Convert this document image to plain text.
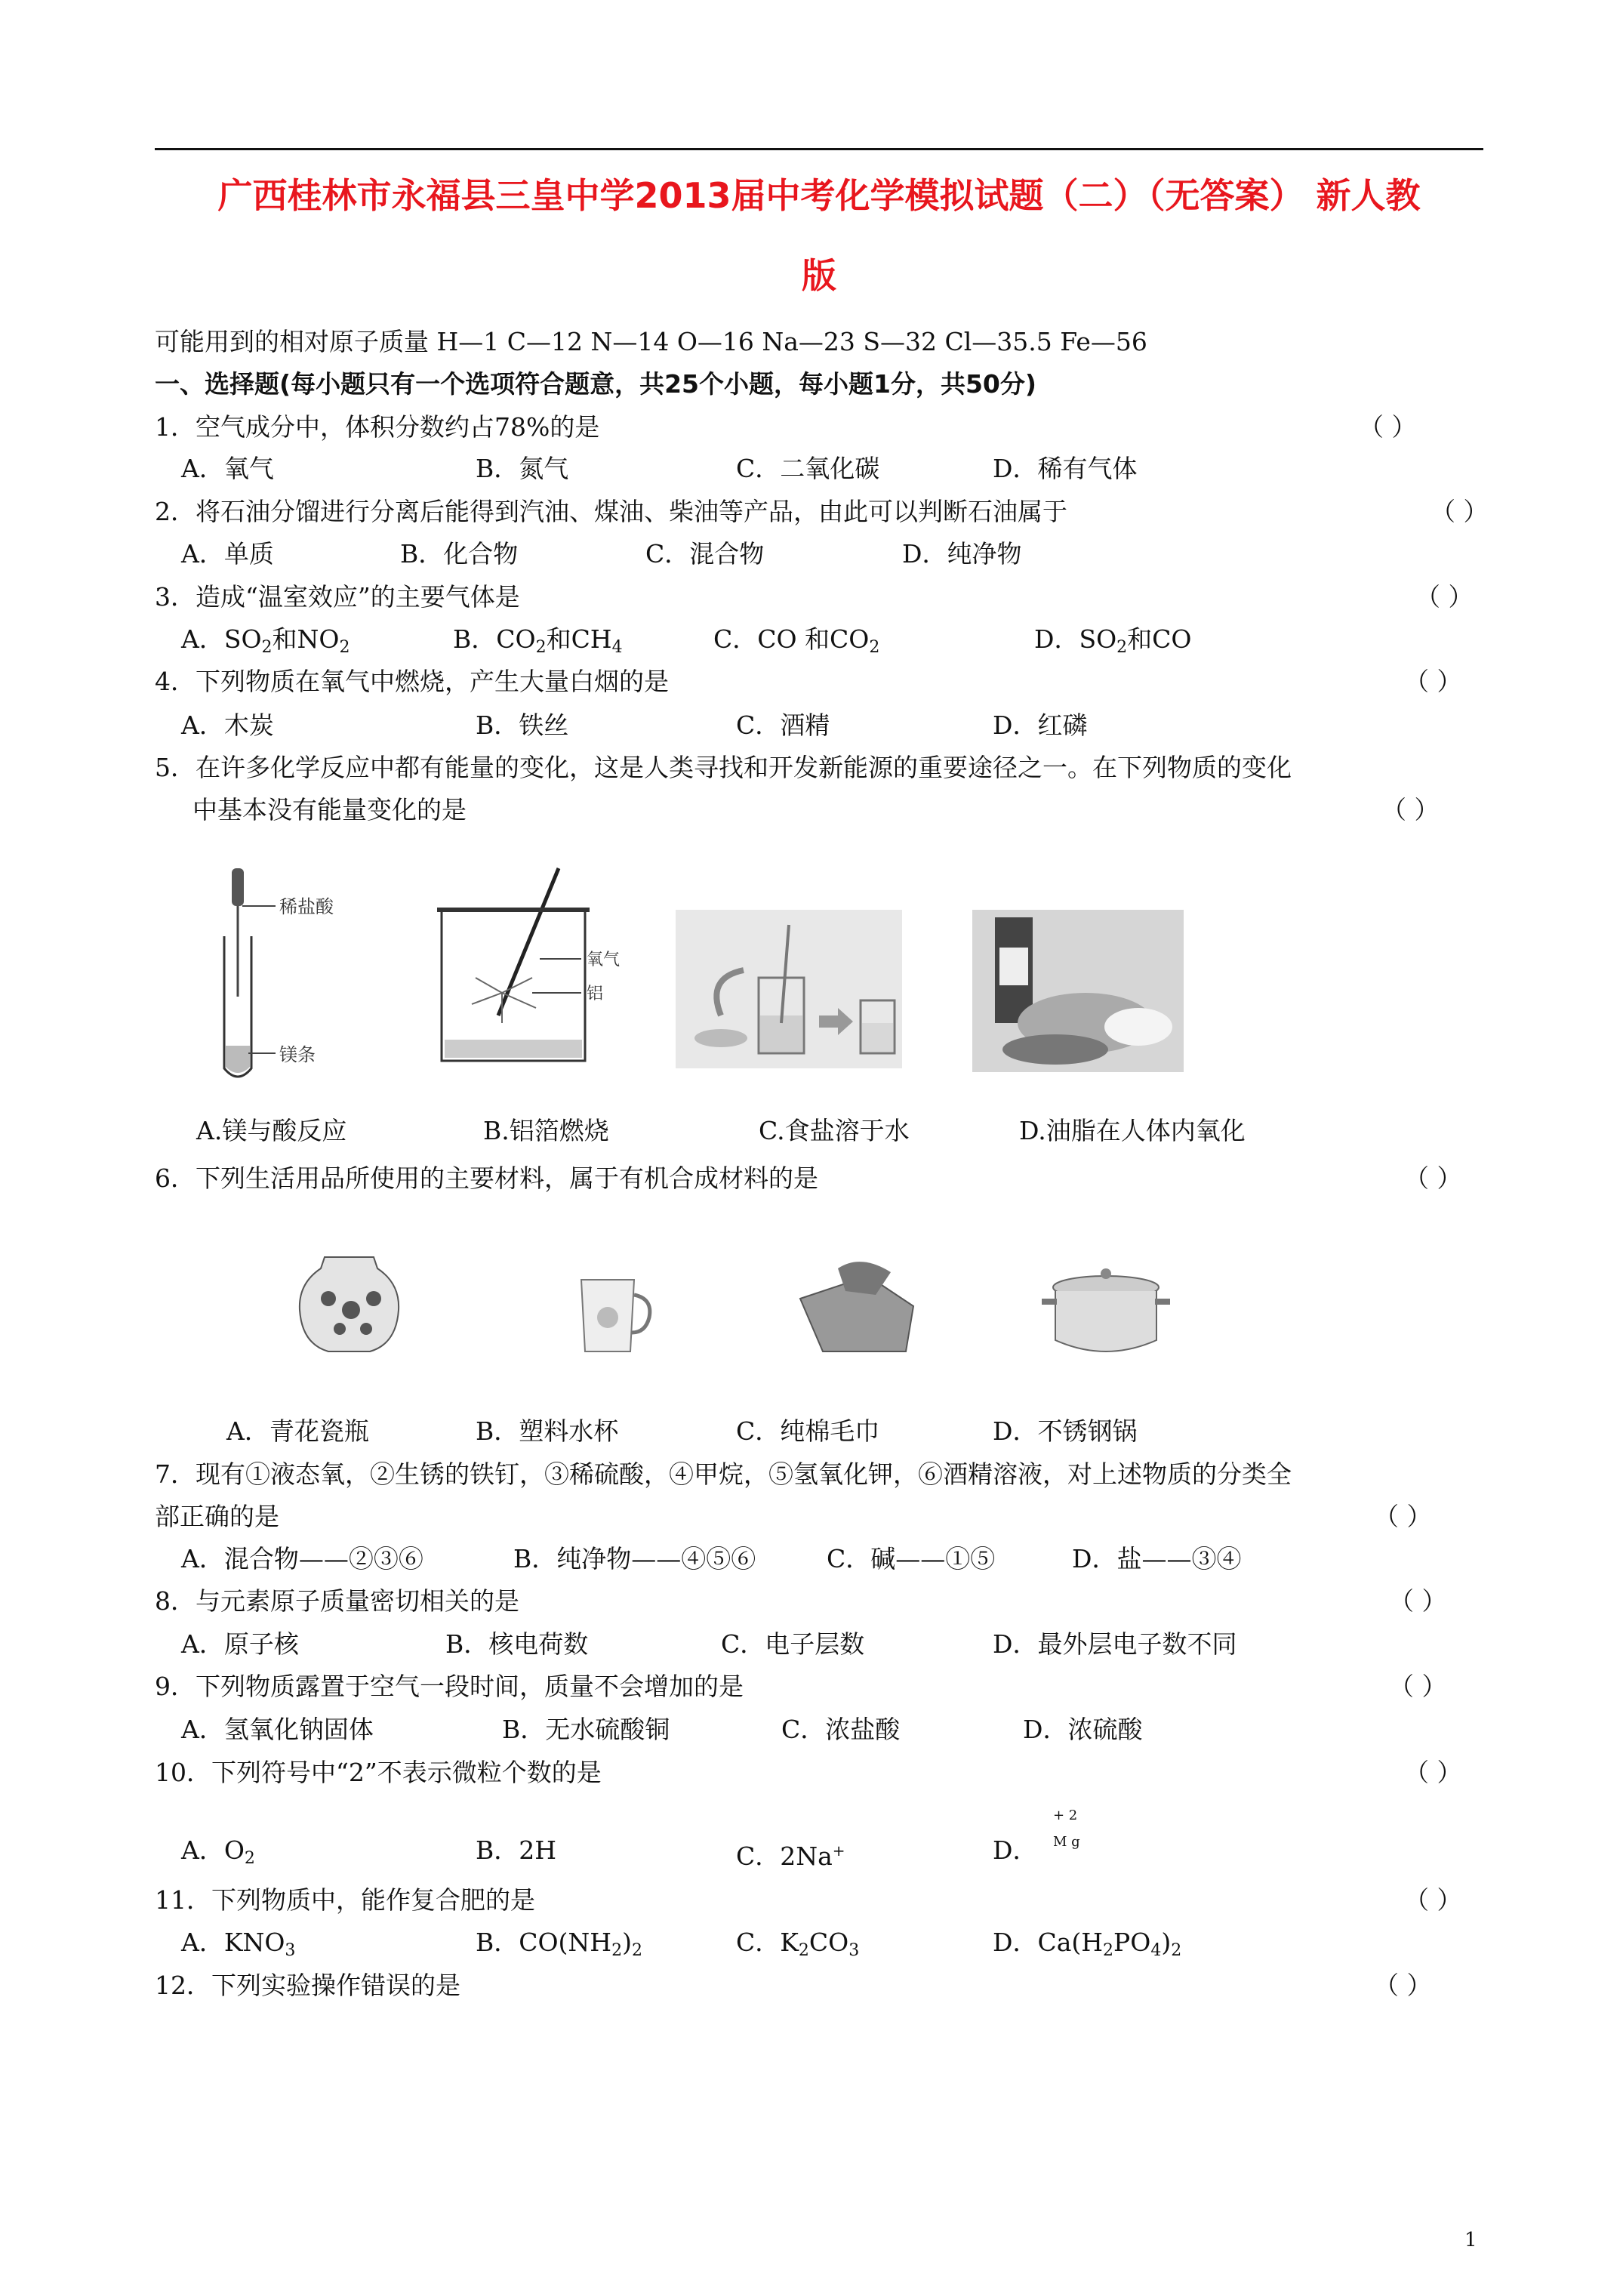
广西桂林市永福县三皇中学2013届中考化学模拟试题（二）（无答案） 新人教
版
可能用到的相对原子质量 H—1 C—12 N—14 O—16 Na—23 S—32 Cl—35.5 Fe—56
一、选择题(每小题只有一个选项符合题意，共25个小题，每小题1分，共50分)
1．空气成分中，体积分数约占78%的是	（ ）
A．氧气	B．氮气	C．二氧化碳	D．稀有气体
2．将石油分馏进行分离后能得到汽油、煤油、柴油等产品，由此可以判断石油属于	（ ）
A．单质	B．化合物	C．混合物	D．纯净物
3．造成“温室效应”的主要气体是	（ ）
A．$SO_2$和$NO_2$	B．$CO_2$和$CH_4$	C．CO 和$CO_2$	D．$SO_2$和CO
4．下列物质在氧气中燃烧，产生大量白烟的是	（ ）
A．木炭	B．铁丝	C．酒精	D．红磷
5．在许多化学反应中都有能量的变化，这是人类寻找和开发新能源的重要途径之一。在下列物质的变化
中基本没有能量变化的是	（ ）
稀盐酸
镁条
氧气
铝
A.镁与酸反应	B.铝箔燃烧	C.食盐溶于水	D.油脂在人体内氧化
6．下列生活用品所使用的主要材料，属于有机合成材料的是	（ ）
A．青花瓷瓶	B．塑料水杯	C．纯棉毛巾	D．不锈钢锅
7．现有①液态氧，②生锈的铁钉，③稀硫酸，④甲烷，⑤氢氧化钾，⑥酒精溶液，对上述物质的分类全
部正确的是	（ ）
A．混合物——②③⑥	B．纯净物——④⑤⑥	C．碱——①⑤	D．盐——③④
8．与元素原子质量密切相关的是	（ ）
A．原子核	B．核电荷数	C．电子层数	D．最外层电子数不同
9．下列物质露置于空气一段时间，质量不会增加的是	（ ）
A．氢氧化钠固体	B．无水硫酸铜	C．浓盐酸	D．浓硫酸
10．下列符号中“2”不表示微粒个数的是	（ ）
A．$O_2$	B．2H	C．2Na+	D．
+ 2
M g
11．下列物质中，能作复合肥的是	（ ）
A．$KNO_3$	B．$CO(NH_2)_2$	C．$K_2CO_3$	D．$Ca(H_2PO_4)_2$
12．下列实验操作错误的是	（ ）
1
